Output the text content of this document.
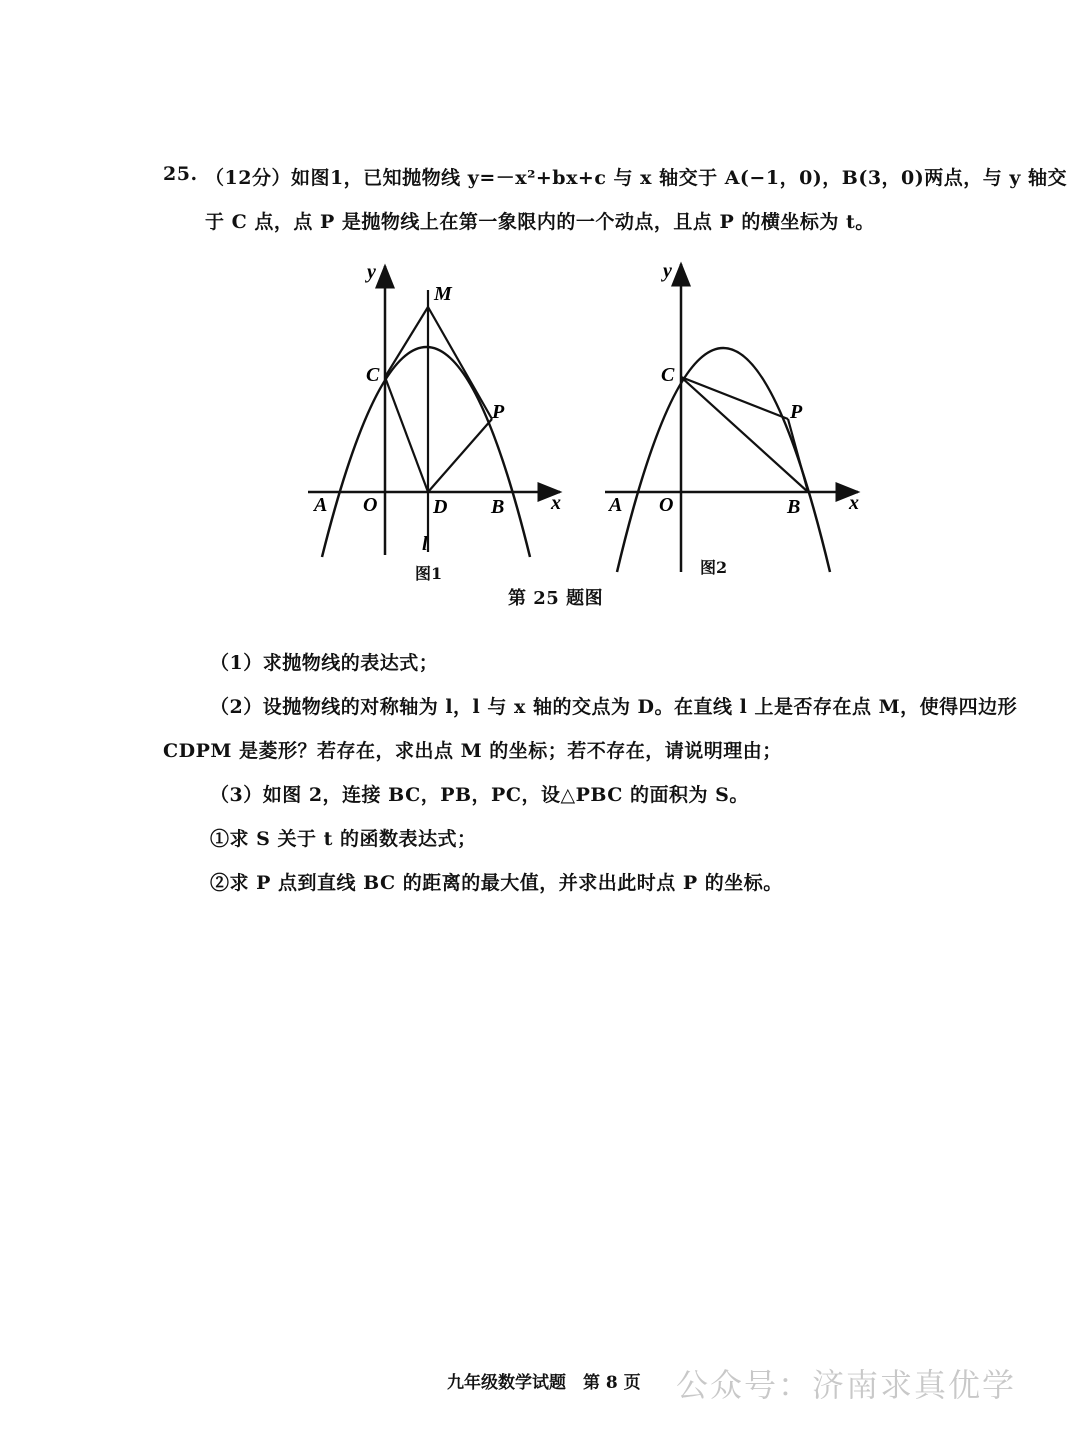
25. （12分）如图1，已知抛物线 y=－x²+bx+c 与 x 轴交于 A(−1，0)，B(3，0)两点，与 y 轴交
于 C 点，点 P 是抛物线上在第一象限内的一个动点，且点 P 的横坐标为 t。
y
M
C
P
A O	D B x
l
图1
y
C
P
A O	B x
图2
第 25 题图
（1）求抛物线的表达式；
（2）设抛物线的对称轴为 l，l 与 x 轴的交点为 D。在直线 l 上是否存在点 M，使得四边形
CDPM 是菱形？若存在，求出点 M 的坐标；若不存在，请说明理由；
（3）如图 2，连接 BC，PB，PC，设△PBC 的面积为 S。
①求 S 关于 t 的函数表达式；
②求 P 点到直线 BC 的距离的最大值，并求出此时点 P 的坐标。
九年级数学试题　第 8 页 公众号：济南求真优学
